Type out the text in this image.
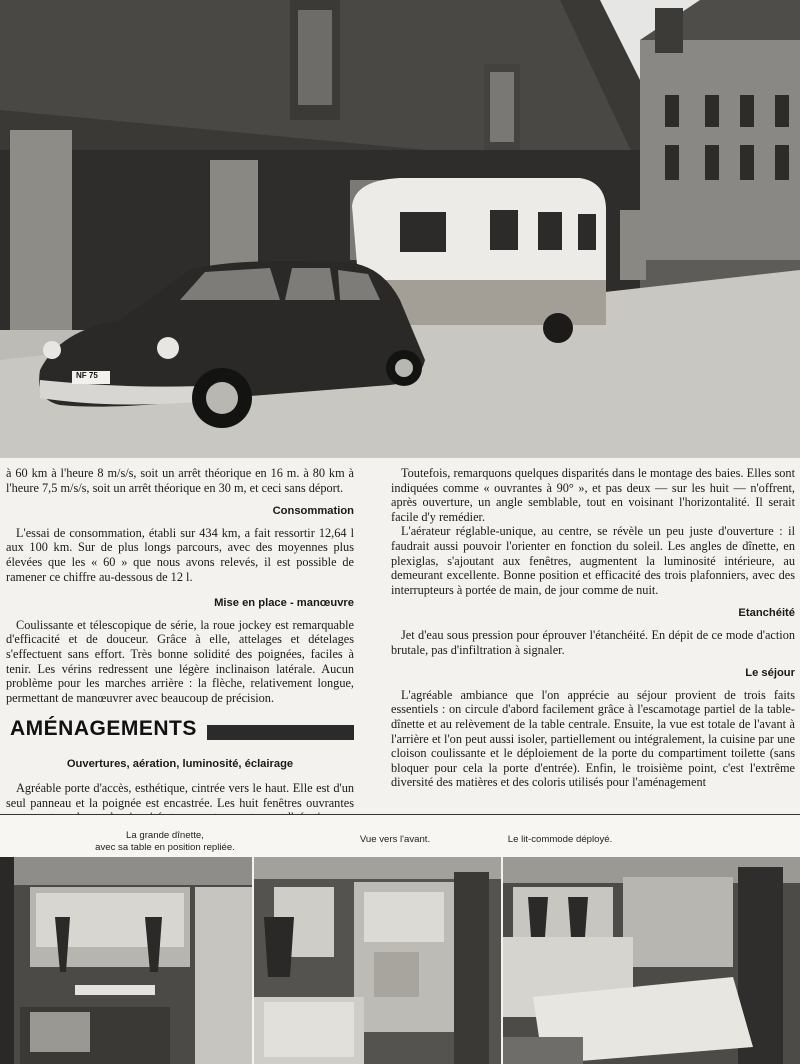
NF 75

à 60 km à l'heure 8 m/s/s, soit un arrêt théorique en 16 m. à 80 km à l'heure 7,5 m/s/s, soit un arrêt théorique en 30 m, et ceci sans déport.

Consommation

L'essai de consommation, établi sur 434 km, a fait ressortir 12,64 l aux 100 km. Sur de plus longs parcours, avec des moyennes plus élevées que les « 60 » que nous avons relevés, il est possible de ramener ce chiffre au-dessous de 12 l.

Mise en place - manœuvre

Coulissante et télescopique de série, la roue jockey est remarquable d'efficacité et de douceur. Grâce à elle, attelages et dételages s'effectuent sans effort. Très bonne solidité des poignées, faciles à tenir. Les vérins redressent une légère inclinaison latérale. Aucun problème pour les marches arrière : la flèche, relativement longue, permettant de manœuvrer avec beaucoup de précision.

AMÉNAGEMENTS
Ouvertures, aération, luminosité, éclairage

Agréable porte d'accès, esthétique, cintrée vers le haut. Elle est d'un seul panneau et la poignée est encastrée. Les huit fenêtres ouvrantes

Toutefois, remarquons quelques disparités dans le montage des baies. Elles sont indiquées comme « ouvrantes à 90° », et pas deux — sur les huit — n'offrent, après ouverture, un angle semblable, tout en voisinant l'horizontalité. Il serait facile d'y remédier.

L'aérateur réglable-unique, au centre, se révèle un peu juste d'ouverture : il faudrait aussi pouvoir l'orienter en fonction du soleil. Les angles de dînette, en plexiglas, s'ajoutant aux fenêtres, augmentent la luminosité intérieure, au demeurant excellente. Bonne position et efficacité des trois plafonniers, avec des interrupteurs à portée de main, de jour comme de nuit.

Etanchéité

Jet d'eau sous pression pour éprouver l'étanchéité. En dépit de ce mode d'action brutale, pas d'infiltration à signaler.

Le séjour

L'agréable ambiance que l'on apprécie au séjour provient de trois faits essentiels : on circule d'abord facilement grâce à l'escamotage partiel de la table-dînette et au relèvement de la table centrale. Ensuite, la vue est totale de l'avant à l'arrière et l'on peut aussi isoler, partiellement ou intégralement, la cuisine par une cloison coulissante et le déploiement de la porte du compartiment toilette (sans bloquer pour cela la porte d'entrée). Enfin, le troisième point, c'est l'extrême diversité des matières et des coloris utilisés pour l'aménagement

La grande dînette,
avec sa table en position repliée.
Vue vers l'avant.	Le lit-commode déployé.
